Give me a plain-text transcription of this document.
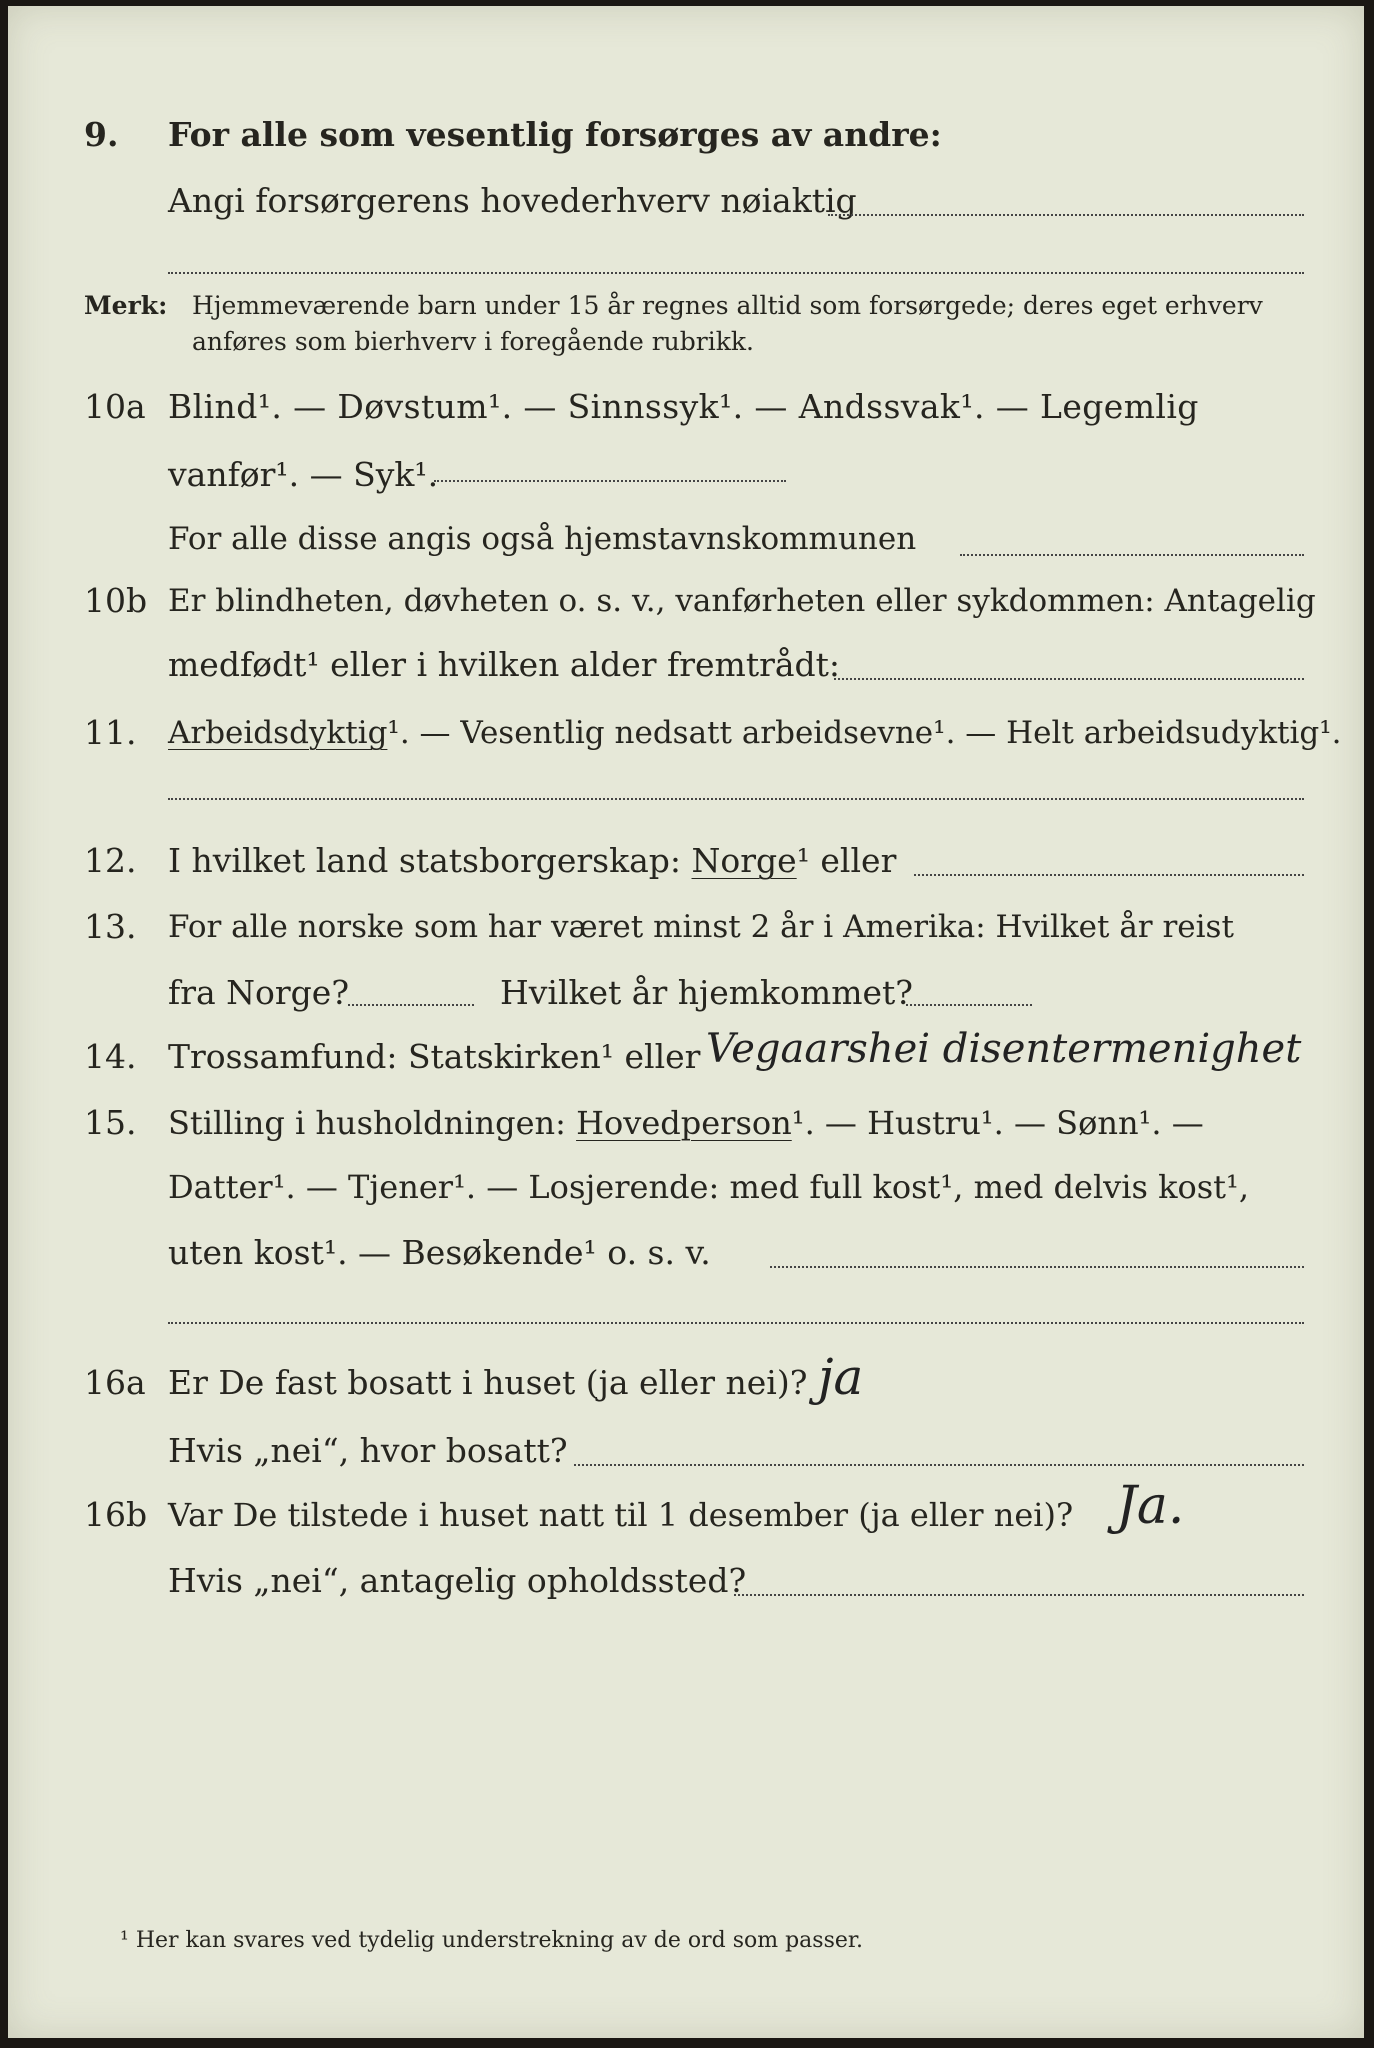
9. For alle som vesentlig forsørges av andre:
Angi forsørgerens hovederhverv nøiaktig
Merk: Hjemmeværende barn under 15 år regnes alltid som forsørgede; deres eget erhverv
anføres som bierhverv i foregående rubrikk.
10a Blind¹. — Døvstum¹. — Sinnssyk¹. — Andssvak¹. — Legemlig
vanfør¹. — Syk¹.
For alle disse angis også hjemstavnskommunen
10b Er blindheten, døvheten o. s. v., vanførheten eller sykdommen: Antagelig
medfødt¹ eller i hvilken alder fremtrådt:
11. Arbeidsdyktig¹. — Vesentlig nedsatt arbeidsevne¹. — Helt arbeidsudyktig¹.
12. I hvilket land statsborgerskap: Norge¹ eller
13. For alle norske som har været minst 2 år i Amerika: Hvilket år reist
fra Norge?	Hvilket år hjemkommet?
14. Trossamfund: Statskirken¹ eller Vegaarshei disentermenighet
15. Stilling i husholdningen: Hovedperson¹. — Hustru¹. — Sønn¹. —
Datter¹. — Tjener¹. — Losjerende: med full kost¹, med delvis kost¹,
uten kost¹. — Besøkende¹ o. s. v.
16a Er De fast bosatt i huset (ja eller nei)? ja
Hvis „nei“, hvor bosatt?
16b Var De tilstede i huset natt til 1 desember (ja eller nei)? Ja.
Hvis „nei“, antagelig opholdssted?
¹ Her kan svares ved tydelig understrekning av de ord som passer.
